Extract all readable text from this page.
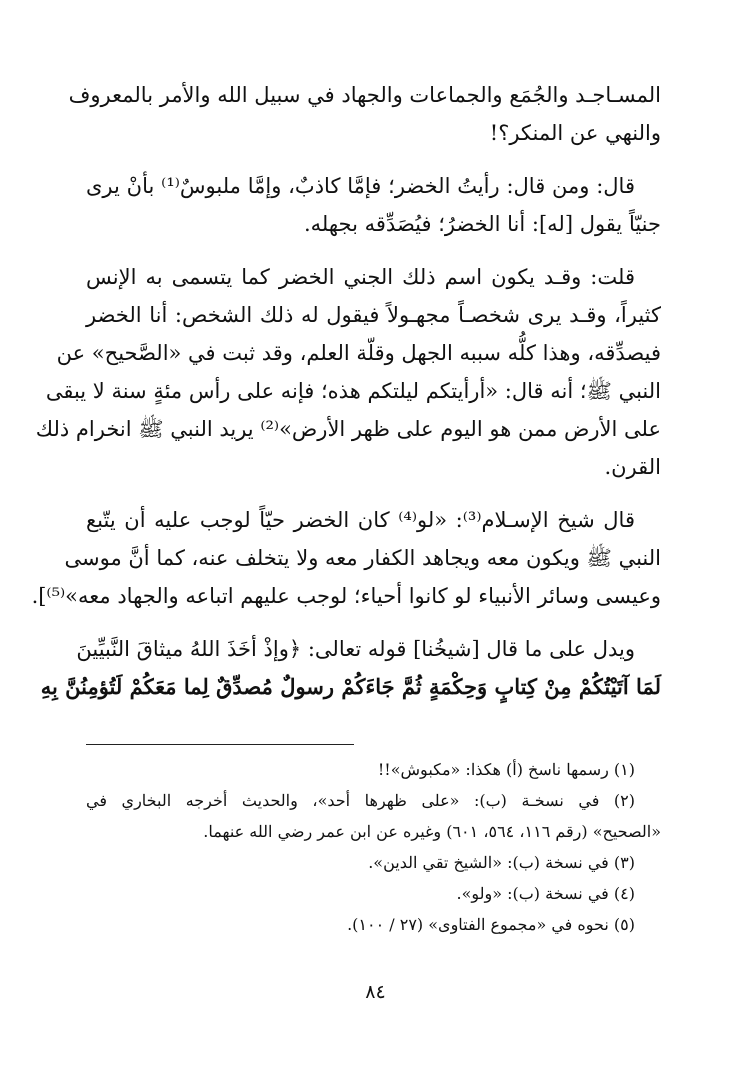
المسـاجـد والجُمَع والجماعات والجهاد في سبيل الله والأمر بالمعروف
والنهي عن المنكر؟!
قال: ومن قال: رأيتُ الخضر؛ فإمَّا كاذبٌ، وإمَّا ملبوسٌ⁽¹⁾ بأنْ يرى
جنيّاً يقول [له]: أنا الخضرُ؛ فيُصَدِّقه بجهله.
قلت: وقـد يكون اسم ذلك الجني الخضر كما يتسمى به الإنس
كثيراً، وقـد يرى شخصـاً مجهـولاً فيقول له ذلك الشخص: أنا الخضر
فيصدِّقه، وهذا كلُّه سببه الجهل وقلّة العلم، وقد ثبت في «الصَّحيح» عن
النبي ﷺ؛ أنه قال: «أرأيتكم ليلتكم هذه؛ فإنه على رأس مئةٍ سنة لا يبقى
على الأرض ممن هو اليوم على ظهر الأرض»⁽²⁾ يريد النبي ﷺ انخرام ذلك
القرن.
قال شيخ الإسـلام⁽³⁾: «لو⁽⁴⁾ كان الخضر حيّاً لوجب عليه أن يتّبع
النبي ﷺ ويكون معه ويجاهد الكفار معه ولا يتخلف عنه، كما أنَّ موسى
وعيسى وسائر الأنبياء لو كانوا أحياء؛ لوجب عليهم اتباعه والجهاد معه»⁽⁵⁾].
ويدل على ما قال [شيخُنا] قوله تعالى: ﴿وإذْ أخَذَ اللهُ ميثاقَ النَّبيِّينَ
لَمَا آتَيْتُكُمْ مِنْ كِتابٍ وَحِكْمَةٍ ثُمَّ جَاءَكُمْ رسولٌ مُصدِّقٌ لِما مَعَكُمْ لَتُؤمِنُنَّ بِهِ
(١) رسمها ناسخ (أ) هكذا: «مكبوش»!!
(٢) في نسخـة (ب): «على ظهرها أحد»، والحديث أخرجه البخاري في
«الصحيح» (رقم ١١٦، ٥٦٤، ٦٠١) وغيره عن ابن عمر رضي الله عنهما.
(٣) في نسخة (ب): «الشيخ تقي الدين».
(٤) في نسخة (ب): «ولو».
(٥) نحوه في «مجموع الفتاوى» (٢٧ / ١٠٠).
٨٤
